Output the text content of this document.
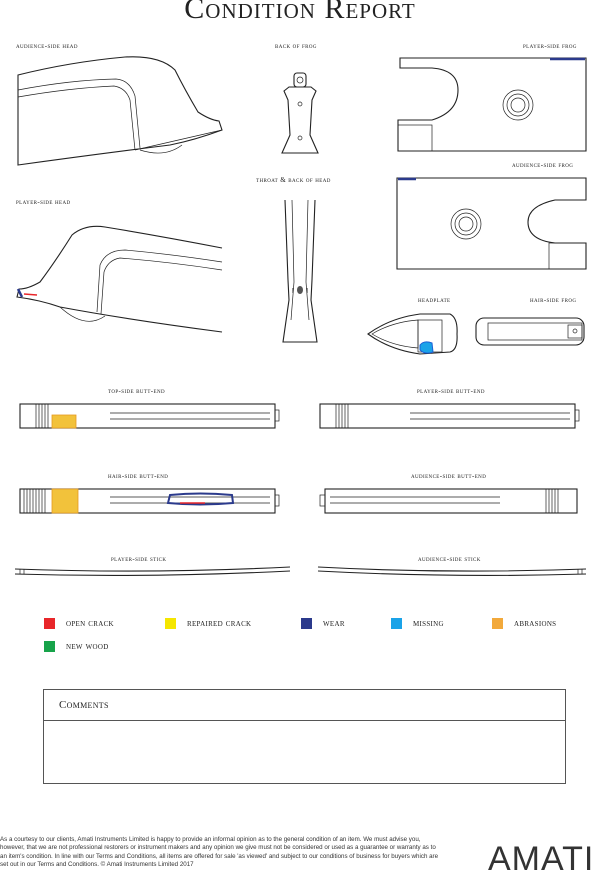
Condition Report
audience-side head	back of frog	player-side frog
audience-side frog
throat & back of head
player-side head
headplate	hair-side frog
top-side butt-end	player-side butt-end
hair-side butt-end	audience-side butt-end
player-side stick	audience-side stick
open crack	repaired crack	wear	missing	abrasions
new wood
Comments
As a courtesy to our clients, Amati Instruments Limited is happy to provide an informal opinion as to the general condition of an item. We must advise you, however, that we are not professional restorers or instrument makers and any opinion we give must not be considered or used as a guarantee or warranty as to an item's condition. In line with our Terms and Conditions, all items are offered for sale 'as viewed' and subject to our conditions of business for buyers which are set out in our Terms and Conditions. © Amati Instruments Limited 2017	AMATI
